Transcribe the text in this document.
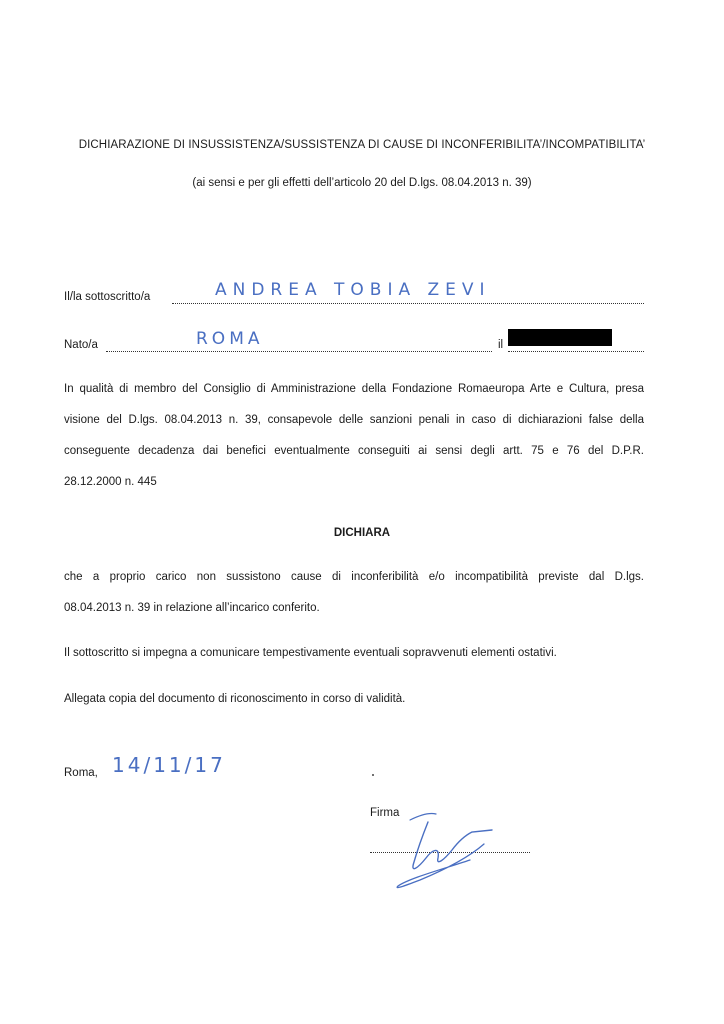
DICHIARAZIONE DI INSUSSISTENZA/SUSSISTENZA DI CAUSE DI INCONFERIBILITA’/INCOMPATIBILITA’
(ai sensi e per gli effetti dell’articolo 20 del D.lgs. 08.04.2013 n. 39)
Il/la sottoscritto/a	ANDREA TOBIA ZEVI
Nato/a	ROMA	il
In qualità di membro del Consiglio di Amministrazione della Fondazione Romaeuropa Arte e Cultura, presa
visione del D.lgs. 08.04.2013 n. 39, consapevole delle sanzioni penali in caso di dichiarazioni false della
conseguente decadenza dai benefici eventualmente conseguiti ai sensi degli artt. 75 e 76 del D.P.R.
28.12.2000 n. 445
DICHIARA
che a proprio carico non sussistono cause di inconferibilità e/o incompatibilità previste dal D.lgs.
08.04.2013 n. 39 in relazione all’incarico conferito.
Il sottoscritto si impegna a comunicare tempestivamente eventuali sopravvenuti elementi ostativi.
Allegata copia del documento di riconoscimento in corso di validità.
Roma, 14/11/17
Firma
